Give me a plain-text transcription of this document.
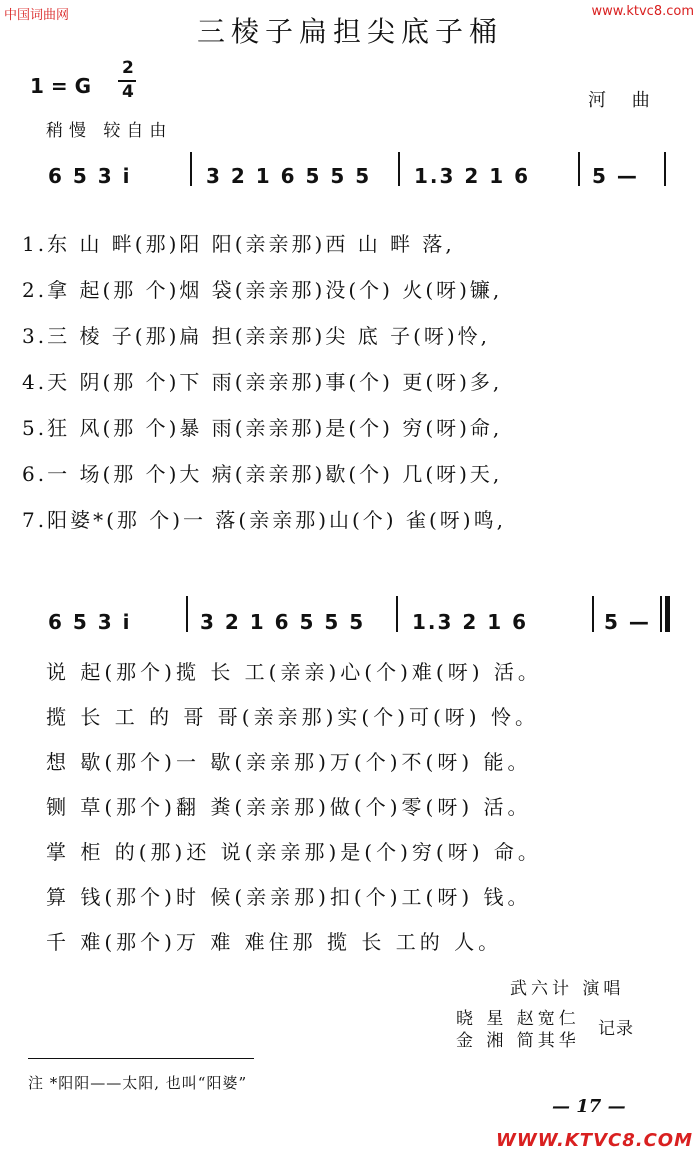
中国词曲网	www.ktvc8.com
三棱子扁担尖底子桶
1 = G
2
4	河 曲
稍慢 较自由
6 5 3 i	3 2 1 6 5 5 5 1.3 2 1 6	5 —
1.东 山 畔(那)阳 阳(亲亲那)西 山 畔 落,
2.拿 起(那 个)烟 袋(亲亲那)没(个) 火(呀)镰,
3.三 棱 子(那)扁 担(亲亲那)尖 底 子(呀)怜,
4.天 阴(那 个)下 雨(亲亲那)事(个) 更(呀)多,
5.狂 风(那 个)暴 雨(亲亲那)是(个) 穷(呀)命,
6.一 场(那 个)大 病(亲亲那)歇(个) 几(呀)天,
7.阳婆*(那 个)一 落(亲亲那)山(个) 雀(呀)鸣,
6 5 3 i	3 2 1 6 5 5 5 1.3 2 1 6	5 —
说 起(那个)揽 长 工(亲亲)心(个)难(呀) 活。
揽 长 工 的 哥 哥(亲亲那)实(个)可(呀) 怜。
想 歇(那个)一 歇(亲亲那)万(个)不(呀) 能。
铡 草(那个)翻 粪(亲亲那)做(个)零(呀) 活。
掌 柜 的(那)还 说(亲亲那)是(个)穷(呀) 命。
算 钱(那个)时 候(亲亲那)扣(个)工(呀) 钱。
千 难(那个)万 难 难住那 揽 长 工的 人。
武六计 演唱
晓 星 赵宽仁
金 湘 简其华
记录
注 *阳阳——太阳, 也叫“阳婆”
— 17 —
WWW.KTVC8.COM
